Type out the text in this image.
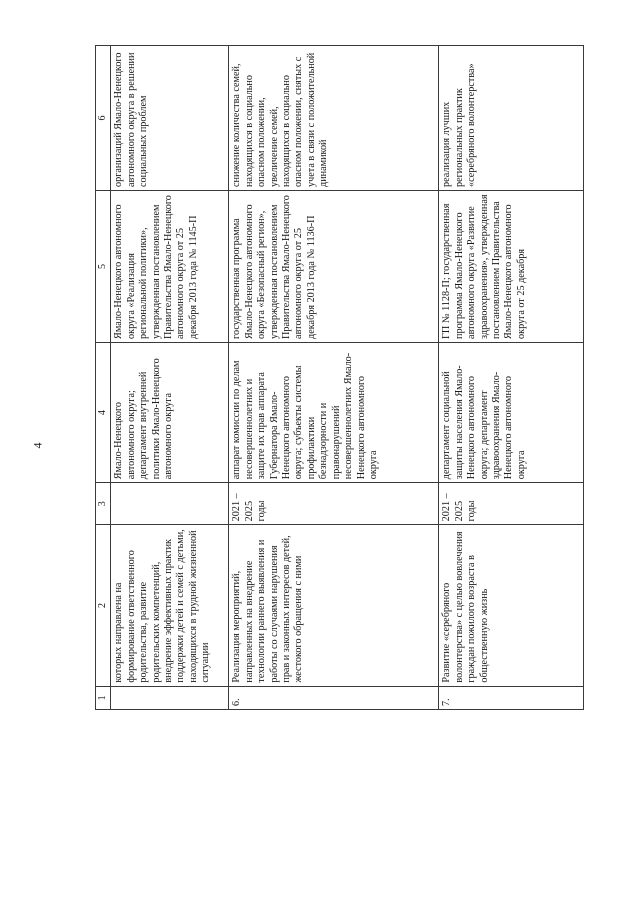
4
1	2	3	4	5	6
	которых направлена на формирование ответственного родительства, развитие родительских компетенций, внедрение эффективных практик поддержки детей и семей с детьми, находящихся в трудной жизненной ситуации		Ямало-Ненецкого автономного округа; департамент внутренней политики Ямало-Ненецкого автономного округа	Ямало-Ненецкого автономного округа «Реализация региональной политики», утвержденная постановлением Правительства Ямало-Ненецкого автономного округа от 25 декабря 2013 года № 1145-П	организаций Ямало-Ненецкого автономного округа в решении социальных проблем
6.	Реализация мероприятий, направленных на внедрение технологии раннего выявления и работы со случаями нарушения прав и законных интересов детей, жестокого обращения с ними	2021 – 2025 годы	аппарат комиссии по делам несовершеннолетних и защите их прав аппарата Губернатора Ямало-Ненецкого автономного округа; субъекты системы профилактики безнадзорности и правонарушений несовершеннолетних Ямало-Ненецкого автономного округа	государственная программа Ямало-Ненецкого автономного округа «Безопасный регион», утвержденная постановлением Правительства Ямало-Ненецкого автономного округа от 25 декабря 2013 года № 1136-П	снижение количества семей, находящихся в социально опасном положении, увеличение семей, находящихся в социально опасном положении, снятых с учета в связи с положительной динамикой
7.	Развитие «серебряного волонтерства» с целью вовлечения граждан пожилого возраста в общественную жизнь	2021 – 2025 годы	департамент социальной защиты населения Ямало-Ненецкого автономного округа; департамент здравоохранения Ямало-Ненецкого автономного округа	ГП № 1128-П; государственная программа Ямало-Ненецкого автономного округа «Развитие здравоохранения», утвержденная постановлением Правительства Ямало-Ненецкого автономного округа от 25 декабря	реализация лучших региональных практик «серебряного волонтерства»
